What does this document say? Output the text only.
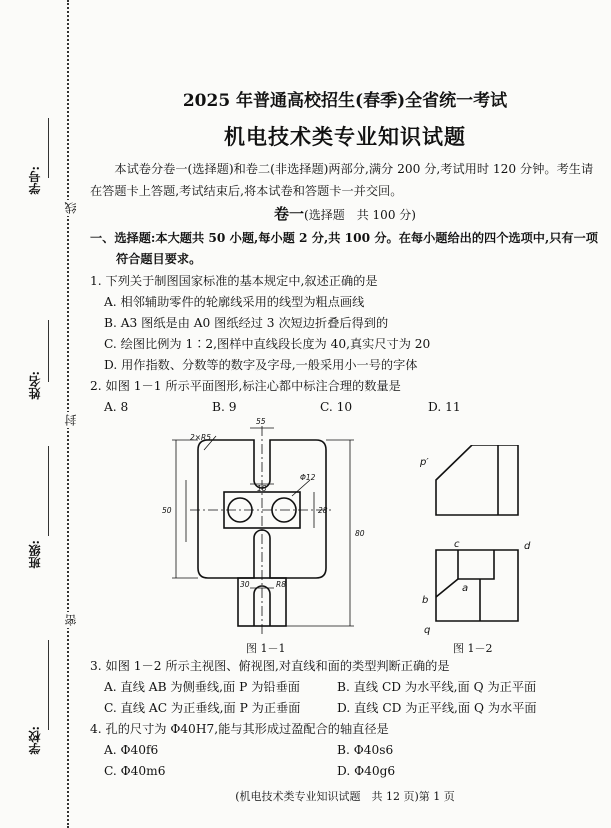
学号:
姓名:
班级:
学校:
线
封
密
2025 年普通高校招生(春季)全省统一考试
机电技术类专业知识试题
本试卷分卷一(选择题)和卷二(非选择题)两部分,满分 200 分,考试用时 120 分钟。考生请在答题卡上答题,考试结束后,将本试卷和答题卡一并交回。
卷一(选择题　共 100 分)
一、选择题:本大题共 50 小题,每小题 2 分,共 100 分。在每小题给出的四个选项中,只有一项
符合题目要求。
1. 下列关于制图国家标准的基本规定中,叙述正确的是
A. 相邻辅助零件的轮廓线采用的线型为粗点画线
B. A3 图纸是由 A0 图纸经过 3 次短边折叠后得到的
C. 绘图比例为 1∶2,图样中直线段长度为 40,真实尺寸为 20
D. 用作指数、分数等的数字及字母,一般采用小一号的字体
2. 如图 1－1 所示平面图形,标注心都中标注合理的数量是
A. 8	B. 9	C. 10	D. 11
55
2×R5
18
Φ12
50	28
80
30	R8
图 1－1
p′
c	d
a
b
q
图 1－2
3. 如图 1－2 所示主视图、俯视图,对直线和面的类型判断正确的是
A. 直线 AB 为侧垂线,面 P 为铅垂面	B. 直线 CD 为水平线,面 Q 为正平面
C. 直线 AC 为正垂线,面 P 为正垂面	D. 直线 CD 为正平线,面 Q 为水平面
4. 孔的尺寸为 Φ40H7,能与其形成过盈配合的轴直径是
A. Φ40f6	B. Φ40s6
C. Φ40m6	D. Φ40g6
(机电技术类专业知识试题　共 12 页)第 1 页
